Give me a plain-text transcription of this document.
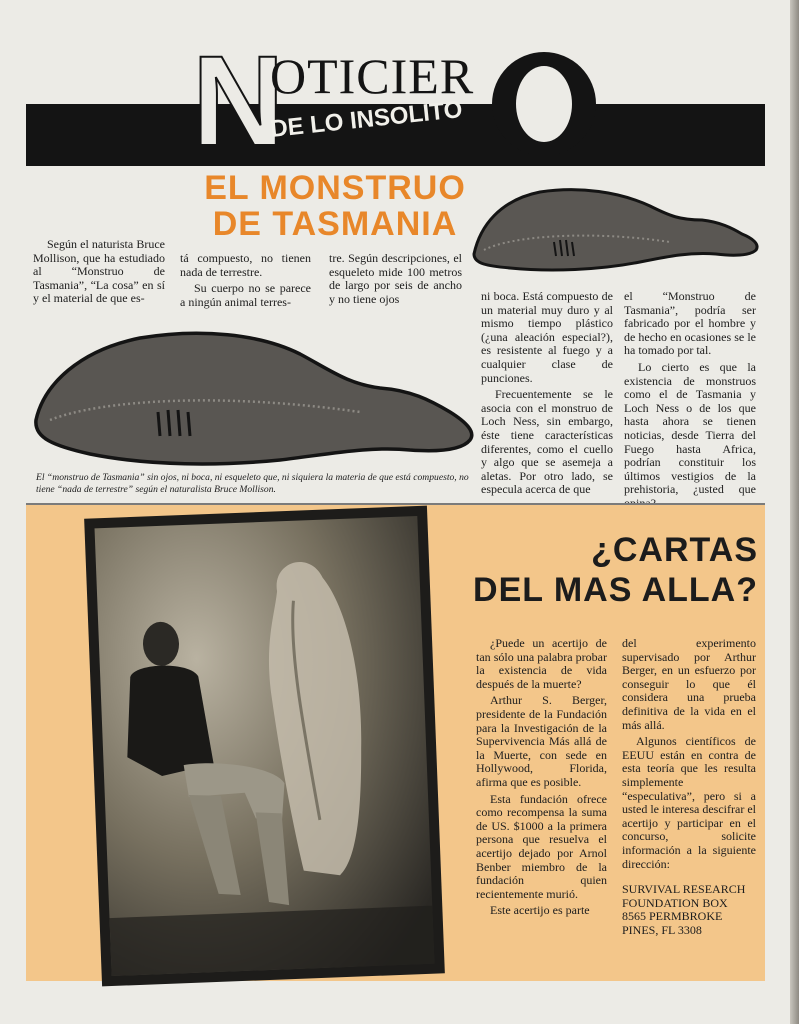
N
OTICIER
DE LO INSOLITO
EL MONSTRUO
DE TASMANIA

Según el naturista Bruce Mollison, que ha estudiado al “Monstruo de Tasmania”, “La cosa” en sí y el material de que es-

tá compuesto, no tienen nada de terrestre.

Su cuerpo no se parece a ningún animal terres-

tre. Según descripciones, el esqueleto mide 100 metros de largo por seis de ancho y no tiene ojos	ni boca. Está compuesto de un material muy duro y al mismo tiempo plástico (¿una aleación especial?), es resistente al fuego y a cualquier clase de punciones.

Frecuentemente se le asocia con el monstruo de Loch Ness, sin embargo, éste tiene características diferentes, como el cuello y algo que se asemeja a aletas. Por otro lado, se especula acerca de que

el “Monstruo de Tasmania”, podría ser fabricado por el hombre y de hecho en ocasiones se le ha tomado por tal.

Lo cierto es que la existencia de monstruos como el de Tasmania y Loch Ness o de los que hasta ahora se tienen noticias, desde Tierra del Fuego hasta Africa, podrían constituir los últimos vestigios de la prehistoria, ¿usted que

El “monstruo de Tasmania” sin ojos, ni boca, ni esqueleto que, ni siquiera la materia de que está compuesto, no tiene “nada de terrestre” según el naturalista Bruce Mollison.
¿CARTAS
DEL MAS ALLA?

¿Puede un acertijo de tan sólo una palabra probar la existencia de vida después de la muerte?

Arthur S. Berger, presidente de la Fundación para la Investigación de la Supervivencia Más allá de la Muerte, con sede en Hollywood, Florida, afirma que es posible.

Esta fundación ofrece como recompensa la suma de US. $1000 a la primera persona que resuelva el acertijo dejado por Arnol Benber miembro de la fundación quien recientemente murió.

Este acertijo es parte

del experimento supervisado por Arthur Berger, en un esfuerzo por conseguir lo que él considera una prueba definitiva de la vida en el más allá.

Algunos científicos de EEUU están en contra de esta teoría que les resulta simplemente “especulativa”, pero si a usted le interesa descifrar el acertijo y participar en el concurso, solicite información a la siguiente dirección:

SURVIVAL RESEARCH
FOUNDATION BOX
8565 PERMBROKE
PINES, FL 3308
